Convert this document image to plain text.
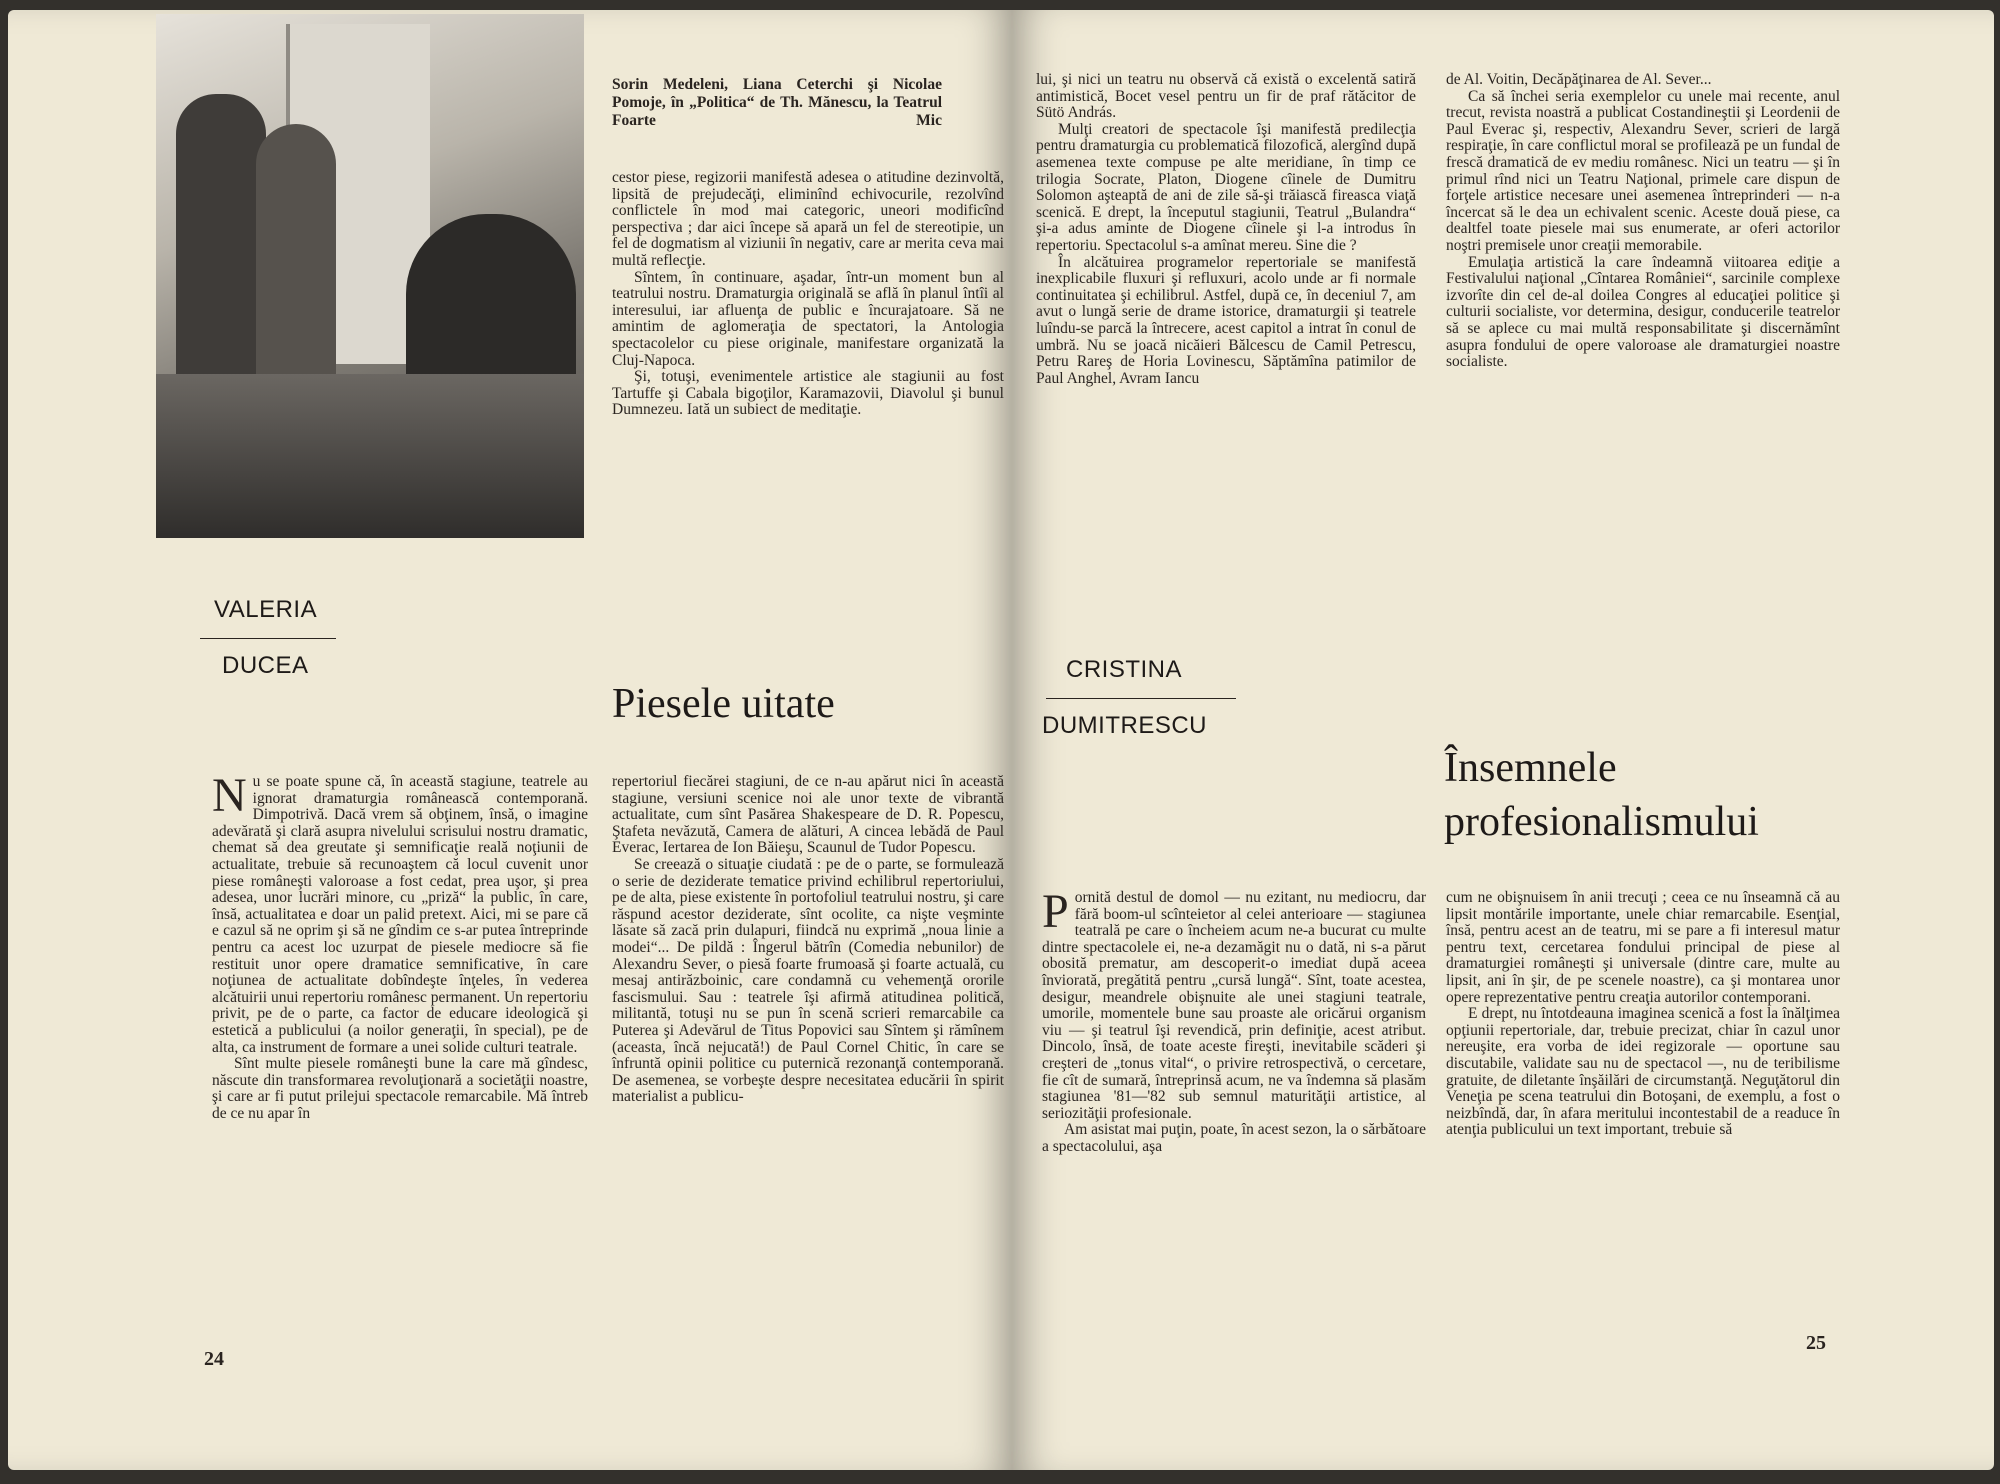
Sorin Medeleni, Liana Ceterchi şi Nicolae Pomoje, în „Politica“ de Th. Mănescu, la Teatrul Foarte Mic

cestor piese, regizorii manifestă adesea o atitudine dezinvoltă, lipsită de prejudecăţi, eliminînd echivocurile, rezolvînd conflictele în mod mai categoric, uneori modificînd perspectiva ; dar aici începe să apară un fel de stereotipie, un fel de dogmatism al viziunii în negativ, care ar merita ceva mai multă reflecţie.

Sîntem, în continuare, aşadar, într-un moment bun al teatrului nostru. Dramaturgia originală se află în planul întîi al interesului, iar afluenţa de public e încurajatoare. Să ne amintim de aglomeraţia de spectatori, la Antologia spectacolelor cu piese originale, manifestare organizată la Cluj-Napoca.

Şi, totuşi, evenimentele artistice ale stagiunii au fost Tartuffe şi Cabala bigoţilor, Karamazovii, Diavolul şi bunul Dumnezeu. Iată un subiect de meditaţie.

VALERIA
DUCEA
Piesele uitate

Nu se poate spune că, în această stagiune, teatrele au ignorat dramaturgia românească contemporană. Dimpotrivă. Dacă vrem să obţinem, însă, o imagine adevărată şi clară asupra nivelului scrisului nostru dramatic, chemat să dea greutate şi semnificaţie reală noţiunii de actualitate, trebuie să recunoaştem că locul cuvenit unor piese româneşti valoroase a fost cedat, prea uşor, şi prea adesea, unor lucrări minore, cu „priză“ la public, în care, însă, actualitatea e doar un palid pretext. Aici, mi se pare că e cazul să ne oprim şi să ne gîndim ce s-ar putea întreprinde pentru ca acest loc uzurpat de piesele mediocre să fie restituit unor opere dramatice semnificative, în care noţiunea de actualitate dobîndeşte înţeles, în vederea alcătuirii unui repertoriu românesc permanent. Un repertoriu privit, pe de o parte, ca factor de educare ideologică şi estetică a publicului (a noilor generaţii, în special), pe de alta, ca instrument de formare a unei solide culturi teatrale.

Sînt multe piesele româneşti bune la care mă gîndesc, născute din transformarea revoluţionară a societăţii noastre, şi care ar fi putut prilejui spectacole remarcabile. Mă întreb de ce nu apar în

repertoriul fiecărei stagiuni, de ce n-au apărut nici în această stagiune, versiuni scenice noi ale unor texte de vibrantă actualitate, cum sînt Pasărea Shakespeare de D. R. Popescu, Ştafeta nevăzută, Camera de alături, A cincea lebădă de Paul Everac, Iertarea de Ion Băieşu, Scaunul de Tudor Popescu.

Se creează o situaţie ciudată : pe de o parte, se formulează o serie de deziderate tematice privind echilibrul repertoriului, pe de alta, piese existente în portofoliul teatrului nostru, şi care răspund acestor deziderate, sînt ocolite, ca nişte veşminte lăsate să zacă prin dulapuri, fiindcă nu exprimă „noua linie a modei“... De pildă : Îngerul bătrîn (Comedia nebunilor) de Alexandru Sever, o piesă foarte frumoasă şi foarte actuală, cu mesaj antirăzboinic, care condamnă cu vehemenţă ororile fascismului. Sau : teatrele îşi afirmă atitudinea politică, militantă, totuşi nu se pun în scenă scrieri remarcabile ca Puterea şi Adevărul de Titus Popovici sau Sîntem şi rămînem (aceasta, încă nejucată!) de Paul Cornel Chitic, în care se înfruntă opinii politice cu puternică rezonanţă contemporană. De asemenea, se vorbeşte despre necesitatea educării în spirit materialist a publicu-

24

lui, şi nici un teatru nu observă că există o excelentă satiră antimistică, Bocet vesel pentru un fir de praf rătăcitor de Sütö András.

Mulţi creatori de spectacole îşi manifestă predilecţia pentru dramaturgia cu problematică filozofică, alergînd după asemenea texte compuse pe alte meridiane, în timp ce trilogia Socrate, Platon, Diogene cîinele de Dumitru Solomon aşteaptă de ani de zile să-şi trăiască fireasca viaţă scenică. E drept, la începutul stagiunii, Teatrul „Bulandra“ şi-a adus aminte de Diogene cîinele şi l-a introdus în repertoriu. Spectacolul s-a amînat mereu. Sine die ?

În alcătuirea programelor repertoriale se manifestă inexplicabile fluxuri şi refluxuri, acolo unde ar fi normale continuitatea şi echilibrul. Astfel, după ce, în deceniul 7, am avut o lungă serie de drame istorice, dramaturgii şi teatrele luîndu-se parcă la întrecere, acest capitol a intrat în conul de umbră. Nu se joacă nicăieri Bălcescu de Camil Petrescu, Petru Rareş de Horia Lovinescu, Săptămîna patimilor de Paul Anghel, Avram Iancu

de Al. Voitin, Decăpăţinarea de Al. Sever...

Ca să închei seria exemplelor cu unele mai recente, anul trecut, revista noastră a publicat Costandineştii şi Leordenii de Paul Everac şi, respectiv, Alexandru Sever, scrieri de largă respiraţie, în care conflictul moral se profilează pe un fundal de frescă dramatică de ev mediu românesc. Nici un teatru — şi în primul rînd nici un Teatru Naţional, primele care dispun de forţele artistice necesare unei asemenea întreprinderi — n-a încercat să le dea un echivalent scenic. Aceste două piese, ca dealtfel toate piesele mai sus enumerate, ar oferi actorilor noştri premisele unor creaţii memorabile.

Emulaţia artistică la care îndeamnă viitoarea ediţie a Festivalului naţional „Cîntarea României“, sarcinile complexe izvorîte din cel de-al doilea Congres al educaţiei politice şi culturii socialiste, vor determina, desigur, conducerile teatrelor să se aplece cu mai multă responsabilitate şi discernămînt asupra fondului de opere valoroase ale dramaturgiei noastre socialiste.

CRISTINA
DUMITRESCU
Însemnele
profesionalismului

Pornită destul de domol — nu ezitant, nu mediocru, dar fără boom-ul scînteietor al celei anterioare — stagiunea teatrală pe care o încheiem acum ne-a bucurat cu multe dintre spectacolele ei, ne-a dezamăgit nu o dată, ni s-a părut obosită prematur, am descoperit-o imediat după aceea înviorată, pregătită pentru „cursă lungă“. Sînt, toate acestea, desigur, meandrele obişnuite ale unei stagiuni teatrale, umorile, momentele bune sau proaste ale oricărui organism viu — şi teatrul îşi revendică, prin definiţie, acest atribut. Dincolo, însă, de toate aceste fireşti, inevitabile scăderi şi creşteri de „tonus vital“, o privire retrospectivă, o cercetare, fie cît de sumară, întreprinsă acum, ne va îndemna să plasăm stagiunea '81—'82 sub semnul maturităţii artistice, al seriozităţii profesionale.

Am asistat mai puţin, poate, în acest sezon, la o sărbătoare a spectacolului, aşa

cum ne obişnuisem în anii trecuţi ; ceea ce nu înseamnă că au lipsit montările importante, unele chiar remarcabile. Esenţial, însă, pentru acest an de teatru, mi se pare a fi interesul matur pentru text, cercetarea fondului principal de piese al dramaturgiei româneşti şi universale (dintre care, multe au lipsit, ani în şir, de pe scenele noastre), ca şi montarea unor opere reprezentative pentru creaţia autorilor contemporani.

E drept, nu întotdeauna imaginea scenică a fost la înălţimea opţiunii repertoriale, dar, trebuie precizat, chiar în cazul unor nereuşite, era vorba de idei regizorale — oportune sau discutabile, validate sau nu de spectacol —, nu de teribilisme gratuite, de diletante înşăilări de circumstanţă. Neguţătorul din Veneţia pe scena teatrului din Botoşani, de exemplu, a fost o neizbîndă, dar, în afara meritului incontestabil de a readuce în atenţia publicului un text important, trebuie să

25
